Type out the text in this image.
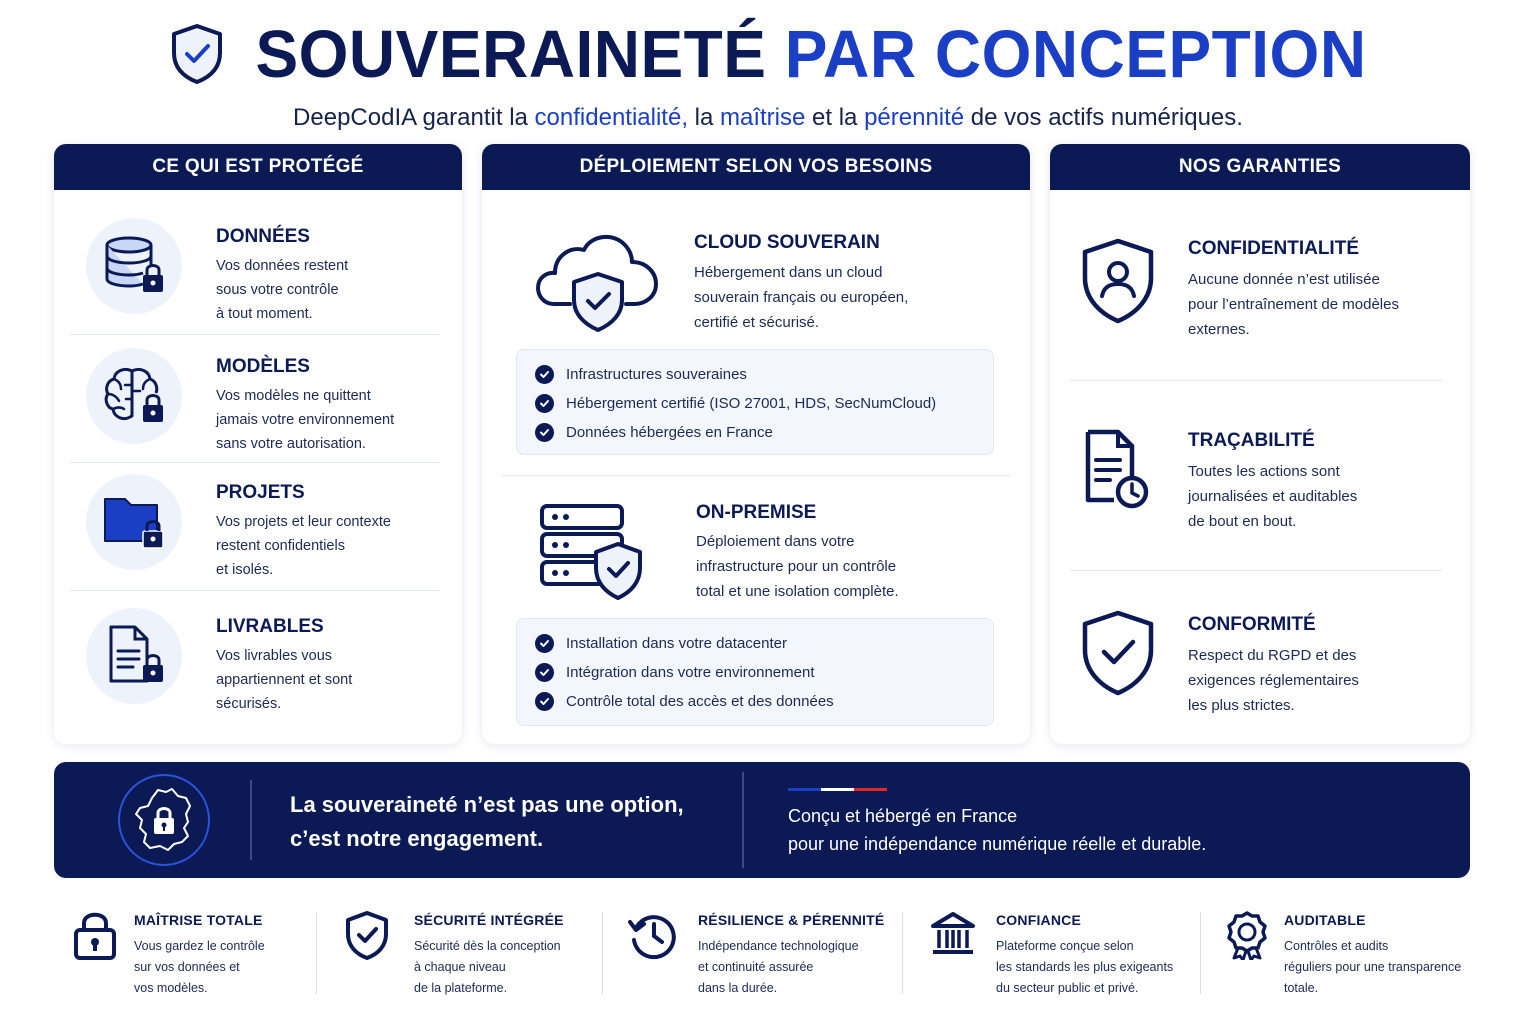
SOUVERAINETÉ PAR CONCEPTION
DeepCodIA garantit la confidentialité, la maîtrise et la pérennité de vos actifs numériques.
CE QUI EST PROTÉGÉ
DONNÉES
Vos données restent
sous votre contrôle
à tout moment.
MODÈLES
Vos modèles ne quittent
jamais votre environnement
sans votre autorisation.
PROJETS
Vos projets et leur contexte
restent confidentiels
et isolés.
LIVRABLES
Vos livrables vous
appartiennent et sont
sécurisés.
DÉPLOIEMENT SELON VOS BESOINS
CLOUD SOUVERAIN
Hébergement dans un cloud
souverain français ou européen,
certifié et sécurisé.
Infrastructures souveraines
Hébergement certifié (ISO 27001, HDS, SecNumCloud)
Données hébergées en France
ON-PREMISE
Déploiement dans votre
infrastructure pour un contrôle
total et une isolation complète.
Installation dans votre datacenter
Intégration dans votre environnement
Contrôle total des accès et des données
NOS GARANTIES
CONFIDENTIALITÉ
Aucune donnée n’est utilisée
pour l’entraînement de modèles
externes.
TRAÇABILITÉ
Toutes les actions sont
journalisées et auditables
de bout en bout.
CONFORMITÉ
Respect du RGPD et des
exigences réglementaires
les plus strictes.
La souveraineté n’est pas une option,
c’est notre engagement.
Conçu et hébergé en France
pour une indépendance numérique réelle et durable.
MAÎTRISE TOTALE
Vous gardez le contrôle
sur vos données et
vos modèles.
SÉCURITÉ INTÉGRÉE
Sécurité dès la conception
à chaque niveau
de la plateforme.
RÉSILIENCE & PÉRENNITÉ
Indépendance technologique
et continuité assurée
dans la durée.
CONFIANCE
Plateforme conçue selon
les standards les plus exigeants
du secteur public et privé.
AUDITABLE
Contrôles et audits
réguliers pour une transparence
totale.
